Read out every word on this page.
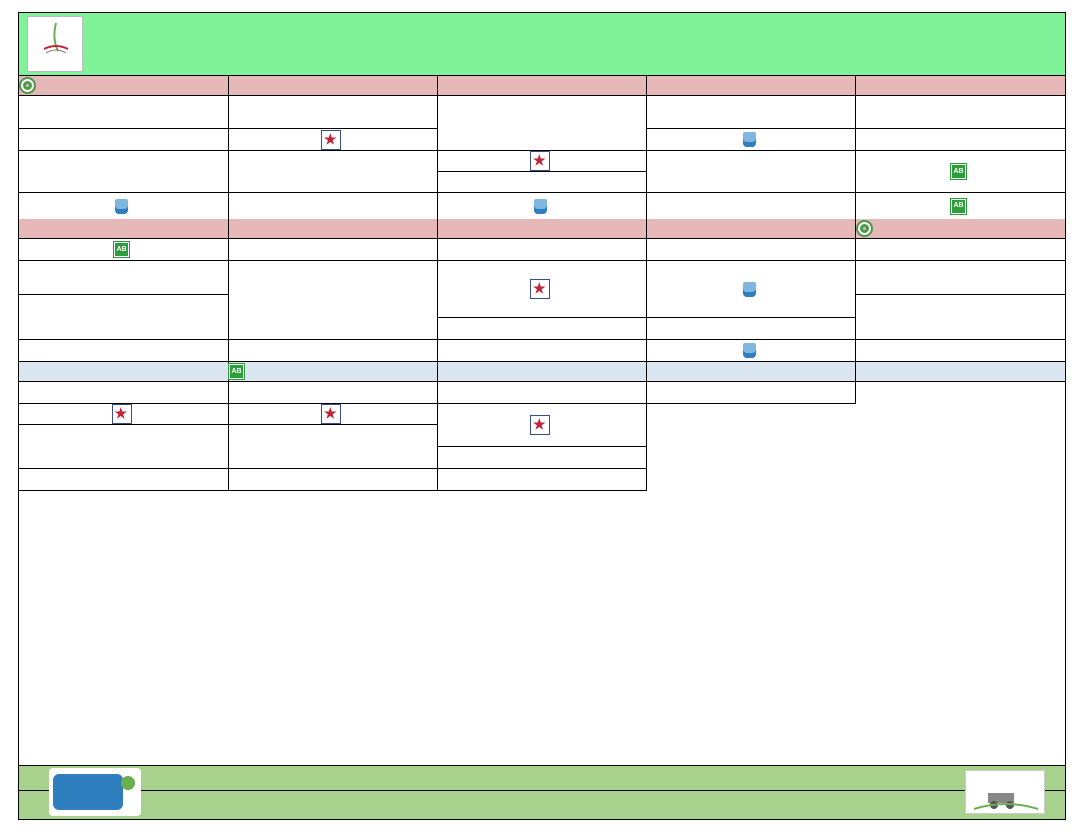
★
★
AB
AB
AB

★

AB
★
★
★
